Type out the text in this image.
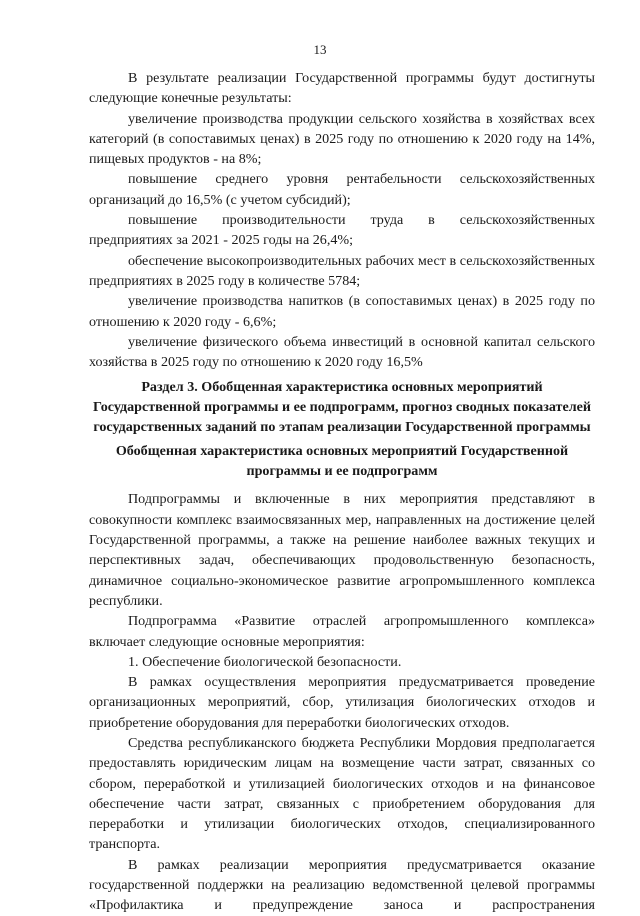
13

В результате реализации Государственной программы будут достигнуты следующие конечные результаты:

увеличение производства продукции сельского хозяйства в хозяйствах всех категорий (в сопоставимых ценах) в 2025 году по отношению к 2020 году на 14%, пищевых продуктов - на 8%;

повышение среднего уровня рентабельности сельскохозяйственных организаций до 16,5% (с учетом субсидий);

повышение производительности труда в сельскохозяйственных предприятиях за 2021 - 2025 годы на 26,4%;

обеспечение высокопроизводительных рабочих мест в сельскохозяйственных предприятиях в 2025 году в количестве 5784;

увеличение производства напитков (в сопоставимых ценах) в 2025 году по отношению к 2020 году - 6,6%;

увеличение физического объема инвестиций в основной капитал сельского хозяйства в 2025 году по отношению к 2020 году 16,5%

Раздел 3. Обобщенная характеристика основных мероприятий Государственной программы и ее подпрограмм, прогноз сводных показателей государственных заданий по этапам реализации Государственной программы
Обобщенная характеристика основных мероприятий Государственной программы и ее подпрограмм

Подпрограммы и включенные в них мероприятия представляют в совокупности комплекс взаимосвязанных мер, направленных на достижение целей Государственной программы, а также на решение наиболее важных текущих и перспективных задач, обеспечивающих продовольственную безопасность, динамичное социально-экономическое развитие агропромышленного комплекса республики.

Подпрограмма «Развитие отраслей агропромышленного комплекса» включает следующие основные мероприятия:

1. Обеспечение биологической безопасности.

В рамках осуществления мероприятия предусматривается проведение организационных мероприятий, сбор, утилизация биологических отходов и приобретение оборудования для переработки биологических отходов.

Средства республиканского бюджета Республики Мордовия предполагается предоставлять юридическим лицам на возмещение части затрат, связанных со сбором, переработкой и утилизацией биологических отходов и на финансовое обеспечение части затрат, связанных с приобретением оборудования для переработки и утилизации биологических отходов, специализированного транспорта.

В рамках реализации мероприятия предусматривается оказание государственной поддержки на реализацию ведомственной целевой программы «Профилактика и предупреждение заноса и распространения
